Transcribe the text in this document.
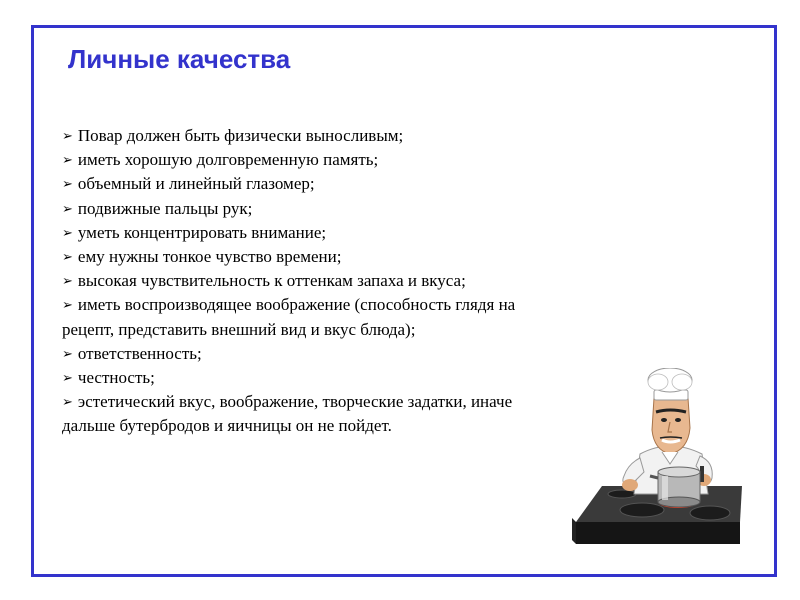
Личные качества
➢ Повар должен быть физически выносливым;
➢ иметь хорошую долговременную память;
➢ объемный и линейный глазомер;
➢ подвижные пальцы рук;
➢ уметь концентрировать внимание;
➢ ему нужны тонкое чувство времени;
➢ высокая чувствительность к оттенкам запаха и вкуса;
➢ иметь воспроизводящее воображение (способность глядя на рецепт, представить внешний вид и вкус блюда);
➢ ответственность;
➢ честность;
➢ эстетический вкус, воображение, творческие задатки, иначе дальше бутербродов и яичницы он не пойдет.
